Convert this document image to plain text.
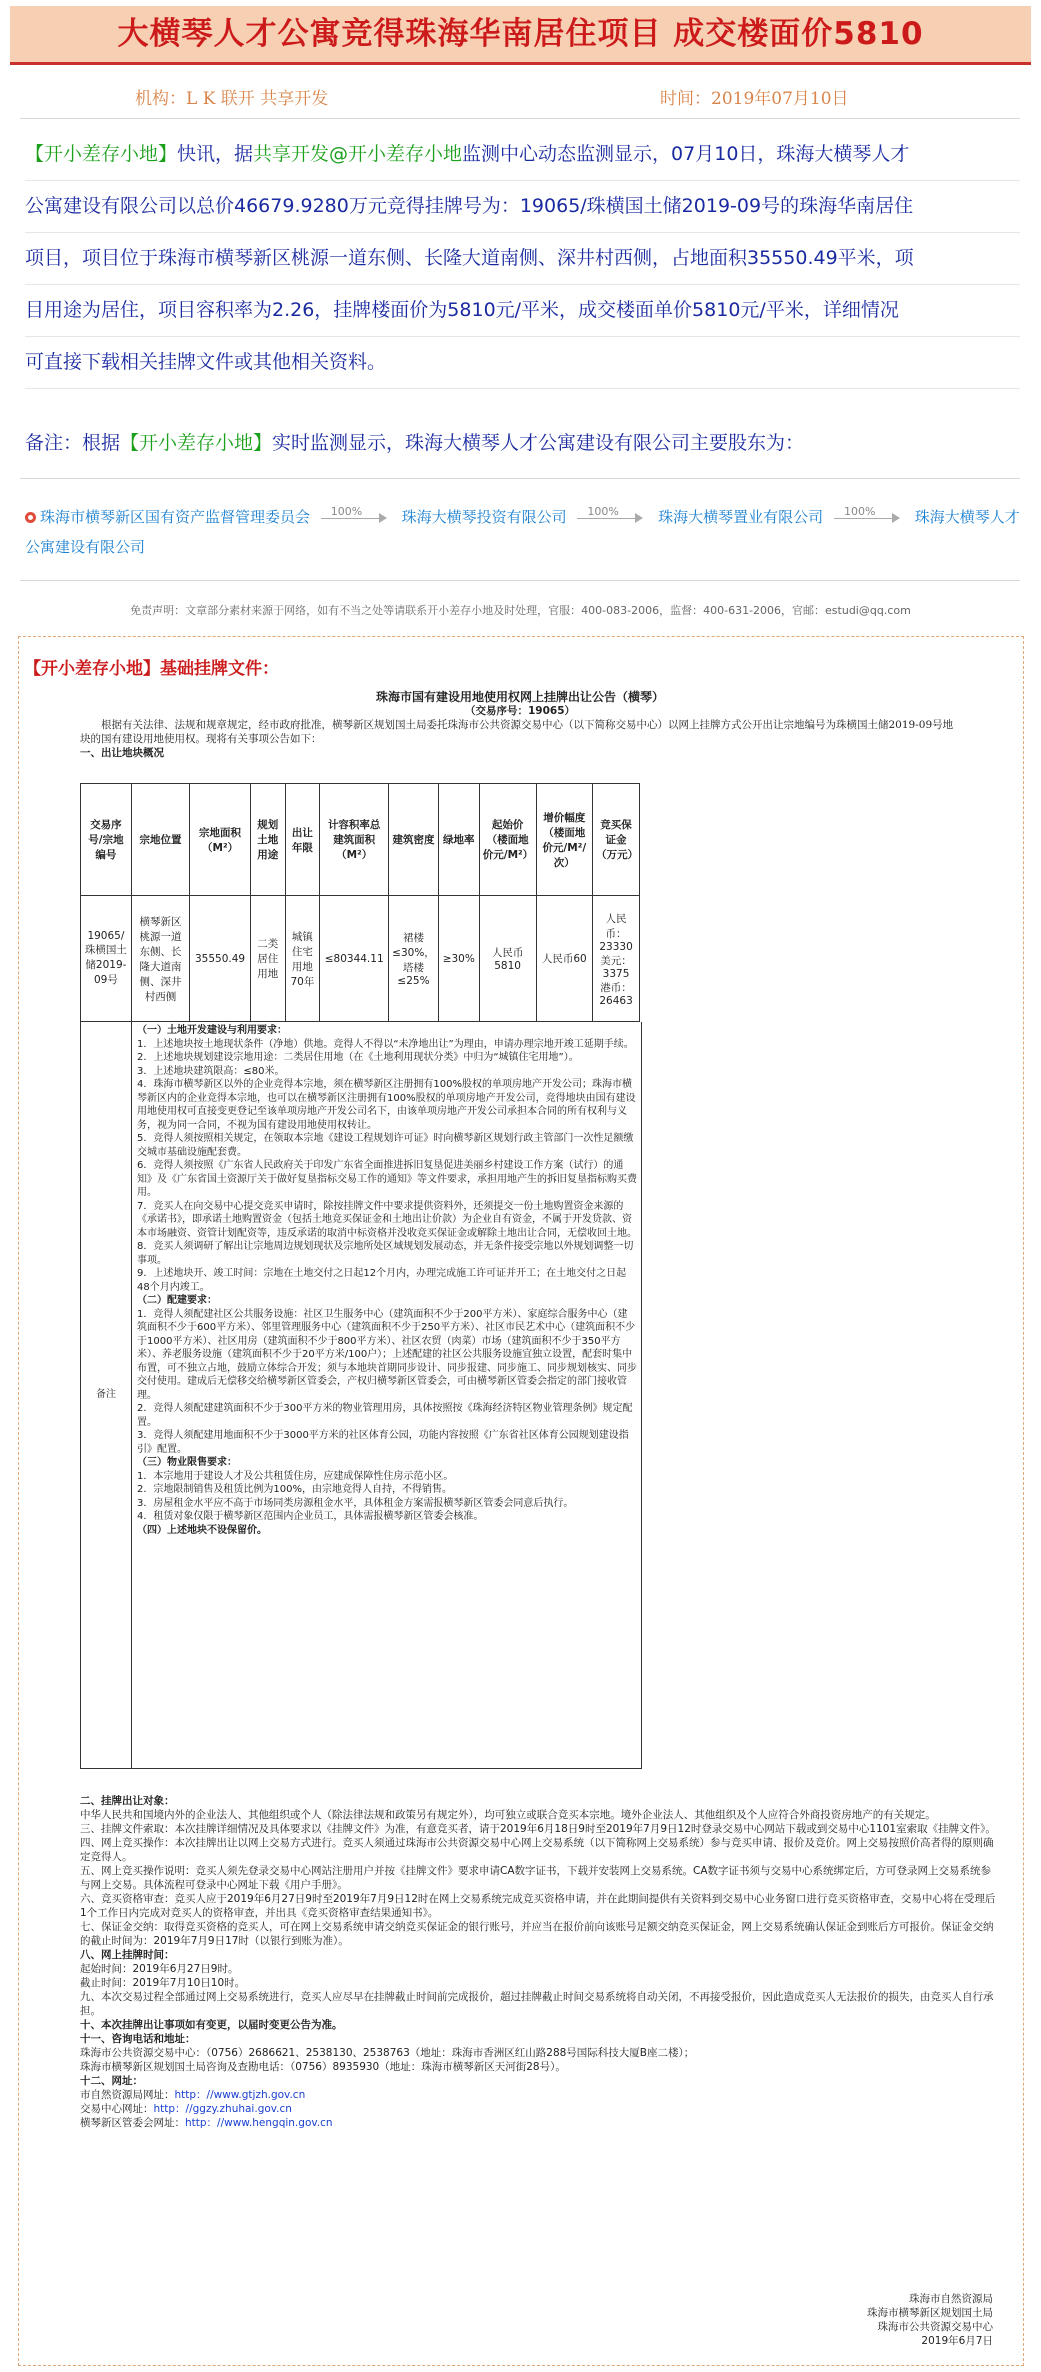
大横琴人才公寓竞得珠海华南居住项目 成交楼面价5810
机构：L K 联开 共享开发	时间：2019年07月10日
【开小差存小地】快讯，据共享开发@开小差存小地监测中心动态监测显示，07月10日，珠海大横琴人才
公寓建设有限公司以总价46679.9280万元竞得挂牌号为：19065/珠横国土储2019-09号的珠海华南居住
项目，项目位于珠海市横琴新区桃源一道东侧、长隆大道南侧、深井村西侧，占地面积35550.49平米，项
目用途为居住，项目容积率为2.26，挂牌楼面价为5810元/平米，成交楼面单价5810元/平米，详细情况
可直接下载相关挂牌文件或其他相关资料。
备注：根据【开小差存小地】实时监测显示，珠海大横琴人才公寓建设有限公司主要股东为：
珠海市横琴新区国有资产监督管理委员会 100%	珠海大横琴投资有限公司 100%	珠海大横琴置业有限公司 100%	珠海大横琴人才公寓建设有限公司
免责声明：文章部分素材来源于网络，如有不当之处等请联系开小差存小地及时处理，官服：400-083-2006，监督：400-631-2006，官邮：estudi@qq.com
【开小差存小地】基础挂牌文件：

珠海市国有建设用地使用权网上挂牌出让公告（横琴）

（交易序号：19065）

根据有关法律、法规和规章规定，经市政府批准，横琴新区规划国土局委托珠海市公共资源交易中心（以下简称交易中心）以网上挂牌方式公开出让宗地编号为珠横国土储2019-09号地块的国有建设用地使用权。现将有关事项公告如下：

一、出让地块概况

交易序号/宗地编号	宗地位置	宗地面积（M²）	规划土地用途	出让年限	计容积率总建筑面积（M²）	建筑密度	绿地率	起始价（楼面地价元/M²）	增价幅度（楼面地价元/M²/次）	竞买保证金（万元）
19065/珠横国土储2019-09号	横琴新区桃源一道东侧、长隆大道南侧、深井村西侧	35550.49	二类居住用地	城镇住宅用地70年	≤80344.11	裙楼≤30%，塔楼≤25%	≥30%	人民币5810	人民币60	人民币：23330 美元：3375 港币：26463
备注

（一）土地开发建设与利用要求：

1．上述地块按土地现状条件（净地）供地。竞得人不得以“未净地出让”为理由，申请办理宗地开竣工延期手续。

2．上述地块规划建设宗地用途：二类居住用地（在《土地利用现状分类》中归为“城镇住宅用地”）。

3．上述地块建筑限高：≤80米。

4．珠海市横琴新区以外的企业竞得本宗地，须在横琴新区注册拥有100%股权的单项房地产开发公司；珠海市横琴新区内的企业竞得本宗地，也可以在横琴新区注册拥有100%股权的单项房地产开发公司，竞得地块由国有建设用地使用权可直接变更登记至该单项房地产开发公司名下，由该单项房地产开发公司承担本合同的所有权利与义务，视为同一合同，不视为国有建设用地使用权转让。

5．竞得人须按照相关规定，在领取本宗地《建设工程规划许可证》时向横琴新区规划行政主管部门一次性足额缴交城市基础设施配套费。

6．竞得人须按照《广东省人民政府关于印发广东省全面推进拆旧复垦促进美丽乡村建设工作方案（试行）的通知》及《广东省国土资源厅关于做好复垦指标交易工作的通知》等文件要求，承担用地产生的拆旧复垦指标购买费用。

7．竞买人在向交易中心提交竞买申请时，除按挂牌文件中要求提供资料外，还须提交一份土地购置资金来源的《承诺书》，即承诺土地购置资金（包括土地竞买保证金和土地出让价款）为企业自有资金，不属于开发贷款、资本市场融资、资管计划配资等，违反承诺的取消中标资格并没收竞买保证金或解除土地出让合同，无偿收回土地。

8．竞买人须调研了解出让宗地周边规划现状及宗地所处区域规划发展动态，并无条件接受宗地以外规划调整一切事项。

9．上述地块开、竣工时间：宗地在土地交付之日起12个月内，办理完成施工许可证并开工；在土地交付之日起48个月内竣工。

（二）配建要求：

1．竞得人须配建社区公共服务设施：社区卫生服务中心（建筑面积不少于200平方米）、家庭综合服务中心（建筑面积不少于600平方米）、邻里管理服务中心（建筑面积不少于250平方米）、社区市民艺术中心（建筑面积不少于1000平方米）、社区用房（建筑面积不少于800平方米）、社区农贸（肉菜）市场（建筑面积不少于350平方米）、养老服务设施（建筑面积不少于20平方米/100户）；上述配建的社区公共服务设施宜独立设置，配套时集中布置，可不独立占地，鼓励立体综合开发；须与本地块首期同步设计、同步报建、同步施工、同步规划核实、同步交付使用。建成后无偿移交给横琴新区管委会，产权归横琴新区管委会，可由横琴新区管委会指定的部门接收管理。

2．竞得人须配建建筑面积不少于300平方米的物业管理用房，具体按照按《珠海经济特区物业管理条例》规定配置。

3．竞得人须配建用地面积不少于3000平方米的社区体育公园，功能内容按照《广东省社区体育公园规划建设指引》配置。

（三）物业限售要求：

1．本宗地用于建设人才及公共租赁住房，应建成保障性住房示范小区。

2．宗地限制销售及租赁比例为100%，由宗地竞得人自持，不得销售。

3．房屋租金水平应不高于市场同类房源租金水平，具体租金方案需报横琴新区管委会同意后执行。

4．租赁对象仅限于横琴新区范围内企业员工，具体需报横琴新区管委会核准。

（四）上述地块不设保留价。

二、挂牌出让对象：

中华人民共和国境内外的企业法人、其他组织或个人（除法律法规和政策另有规定外），均可独立或联合竞买本宗地。境外企业法人、其他组织及个人应符合外商投资房地产的有关规定。

三、挂牌文件索取：本次挂牌详细情况及具体要求以《挂牌文件》为准，有意竞买者，请于2019年6月18日9时至2019年7月9日12时登录交易中心网站下载或到交易中心1101室索取《挂牌文件》。

四、网上竞买操作：本次挂牌出让以网上交易方式进行。竞买人须通过珠海市公共资源交易中心网上交易系统（以下简称网上交易系统）参与竞买申请、报价及竞价。网上交易按照价高者得的原则确定竞得人。

五、网上竞买操作说明：竞买人须先登录交易中心网站注册用户并按《挂牌文件》要求申请CA数字证书，下载并安装网上交易系统。CA数字证书须与交易中心系统绑定后，方可登录网上交易系统参与网上交易。具体流程可登录中心网址下载《用户手册》。

六、竞买资格审查：竞买人应于2019年6月27日9时至2019年7月9日12时在网上交易系统完成竞买资格申请，并在此期间提供有关资料到交易中心业务窗口进行竞买资格审查，交易中心将在受理后1个工作日内完成对竞买人的资格审查，并出具《竞买资格审查结果通知书》。

七、保证金交纳：取得竞买资格的竞买人，可在网上交易系统申请交纳竞买保证金的银行账号，并应当在报价前向该账号足额交纳竞买保证金，网上交易系统确认保证金到账后方可报价。保证金交纳的截止时间为：2019年7月9日17时（以银行到账为准）。

八、网上挂牌时间：

起始时间：2019年6月27日9时。

截止时间：2019年7月10日10时。

九、本次交易过程全部通过网上交易系统进行，竞买人应尽早在挂牌截止时间前完成报价，超过挂牌截止时间交易系统将自动关闭，不再接受报价，因此造成竞买人无法报价的损失，由竞买人自行承担。

十、本次挂牌出让事项如有变更，以届时变更公告为准。

十一、咨询电话和地址：

珠海市公共资源交易中心：（0756）2686621、2538130、2538763（地址：珠海市香洲区红山路288号国际科技大厦B座二楼）；

珠海市横琴新区规划国土局咨询及查勘电话：（0756）8935930（地址：珠海市横琴新区天河街28号）。

十二、网址：

市自然资源局网址：http：//www.gtjzh.gov.cn

交易中心网址：http：//ggzy.zhuhai.gov.cn

横琴新区管委会网址：http：//www.hengqin.gov.cn

珠海市自然资源局
珠海市横琴新区规划国土局
珠海市公共资源交易中心
2019年6月7日
